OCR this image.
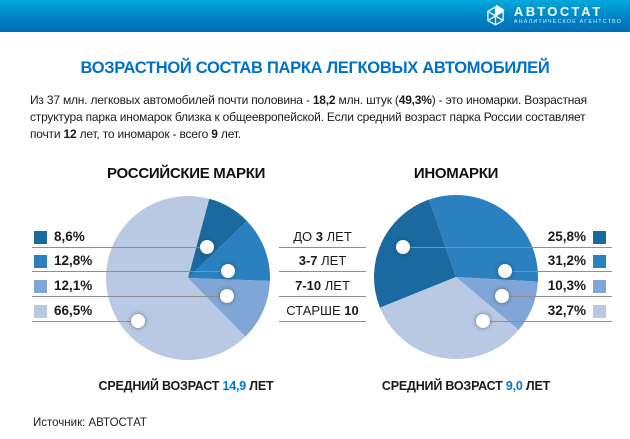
АВТОСТАТ
АНАЛИТИЧЕСКОЕ АГЕНТСТВО
ВОЗРАСТНОЙ СОСТАВ ПАРКА ЛЕГКОВЫХ АВТОМОБИЛЕЙ
Из 37 млн. легковых автомобилей почти половина - 18,2 млн. штук (49,3%) - это иномарки. Возрастная
структура парка иномарок близка к общеевропейской. Если средний возраст парка России составляет
почти 12 лет, то иномарок - всего 9 лет.
РОССИЙСКИЕ МАРКИ	ИНОМАРКИ
8,6%
12,8%
12,1%
66,5%
ДО 3 ЛЕТ
3-7 ЛЕТ
7-10 ЛЕТ
СТАРШЕ 10
25,8%
31,2%
10,3%
32,7%
СРЕДНИЙ ВОЗРАСТ 14,9 ЛЕТ	СРЕДНИЙ ВОЗРАСТ 9,0 ЛЕТ
Источник: АВТОСТАТ
